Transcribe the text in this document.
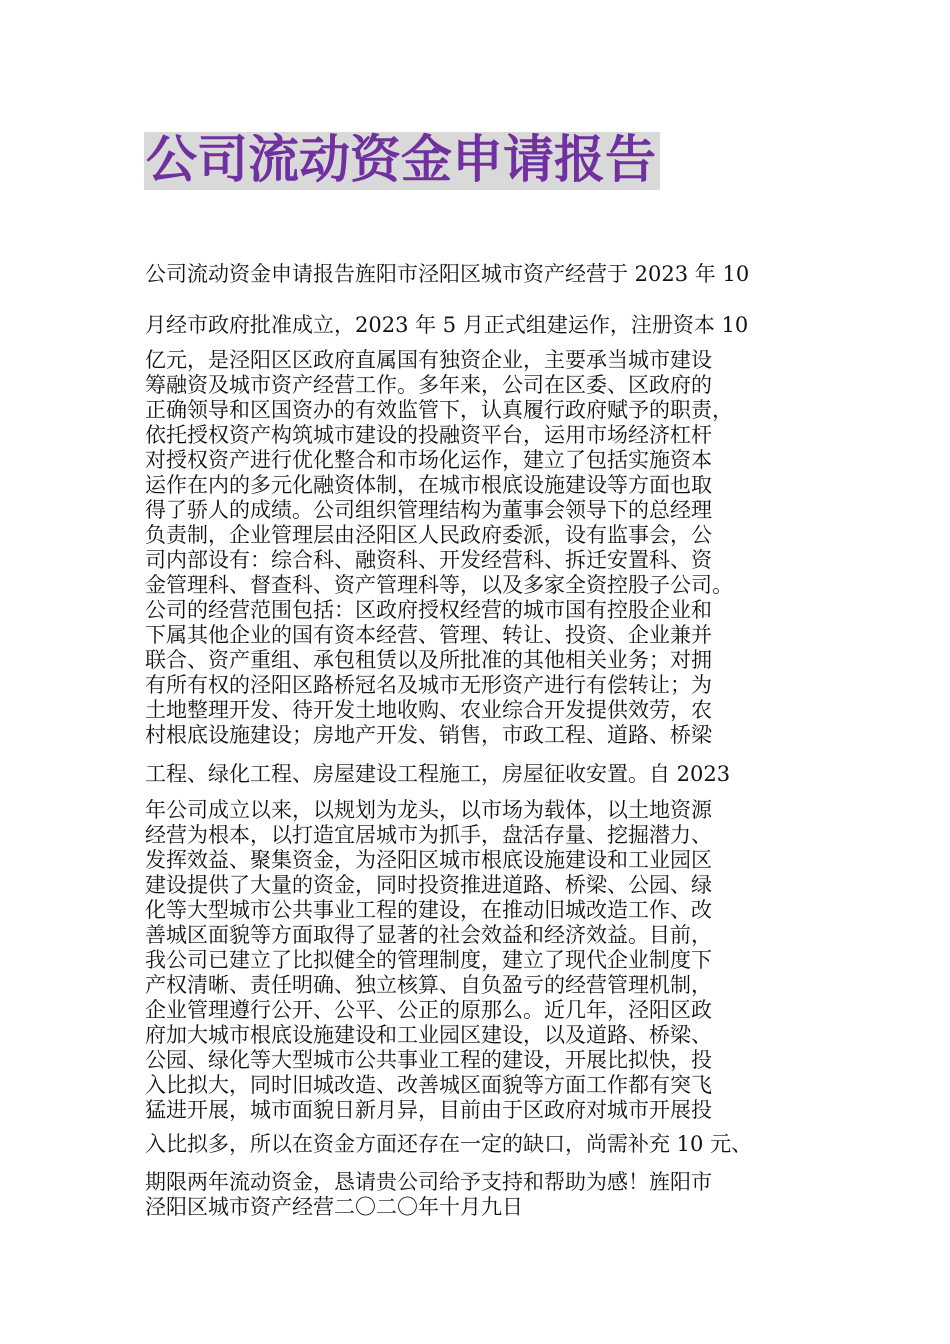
公司流动资金申请报告
公司流动资金申请报告旌阳市泾阳区城市资产经营于 2023 年 10
月经市政府批准成立，2023 年 5 月正式组建运作，注册资本 10
亿元，是泾阳区区政府直属国有独资企业，主要承当城市建设
筹融资及城市资产经营工作。多年来，公司在区委、区政府的
正确领导和区国资办的有效监管下，认真履行政府赋予的职责，
依托授权资产构筑城市建设的投融资平台，运用市场经济杠杆
对授权资产进行优化整合和市场化运作，建立了包括实施资本
运作在内的多元化融资体制，在城市根底设施建设等方面也取
得了骄人的成绩。公司组织管理结构为董事会领导下的总经理
负责制，企业管理层由泾阳区人民政府委派，设有监事会，公
司内部设有：综合科、融资科、开发经营科、拆迁安置科、资
金管理科、督查科、资产管理科等，以及多家全资控股子公司。
公司的经营范围包括：区政府授权经营的城市国有控股企业和
下属其他企业的国有资本经营、管理、转让、投资、企业兼并
联合、资产重组、承包租赁以及所批准的其他相关业务；对拥
有所有权的泾阳区路桥冠名及城市无形资产进行有偿转让；为
土地整理开发、待开发土地收购、农业综合开发提供效劳，农
村根底设施建设；房地产开发、销售，市政工程、道路、桥梁
工程、绿化工程、房屋建设工程施工，房屋征收安置。自 2023
年公司成立以来，以规划为龙头，以市场为载体，以土地资源
经营为根本，以打造宜居城市为抓手，盘活存量、挖掘潜力、
发挥效益、聚集资金，为泾阳区城市根底设施建设和工业园区
建设提供了大量的资金，同时投资推进道路、桥梁、公园、绿
化等大型城市公共事业工程的建设，在推动旧城改造工作、改
善城区面貌等方面取得了显著的社会效益和经济效益。目前，
我公司已建立了比拟健全的管理制度，建立了现代企业制度下
产权清晰、责任明确、独立核算、自负盈亏的经营管理机制，
企业管理遵行公开、公平、公正的原那么。近几年，泾阳区政
府加大城市根底设施建设和工业园区建设，以及道路、桥梁、
公园、绿化等大型城市公共事业工程的建设，开展比拟快，投
入比拟大，同时旧城改造、改善城区面貌等方面工作都有突飞
猛进开展，城市面貌日新月异，目前由于区政府对城市开展投
入比拟多，所以在资金方面还存在一定的缺口，尚需补充 10 元、
期限两年流动资金，恳请贵公司给予支持和帮助为感！旌阳市
泾阳区城市资产经营二〇二〇年十月九日
